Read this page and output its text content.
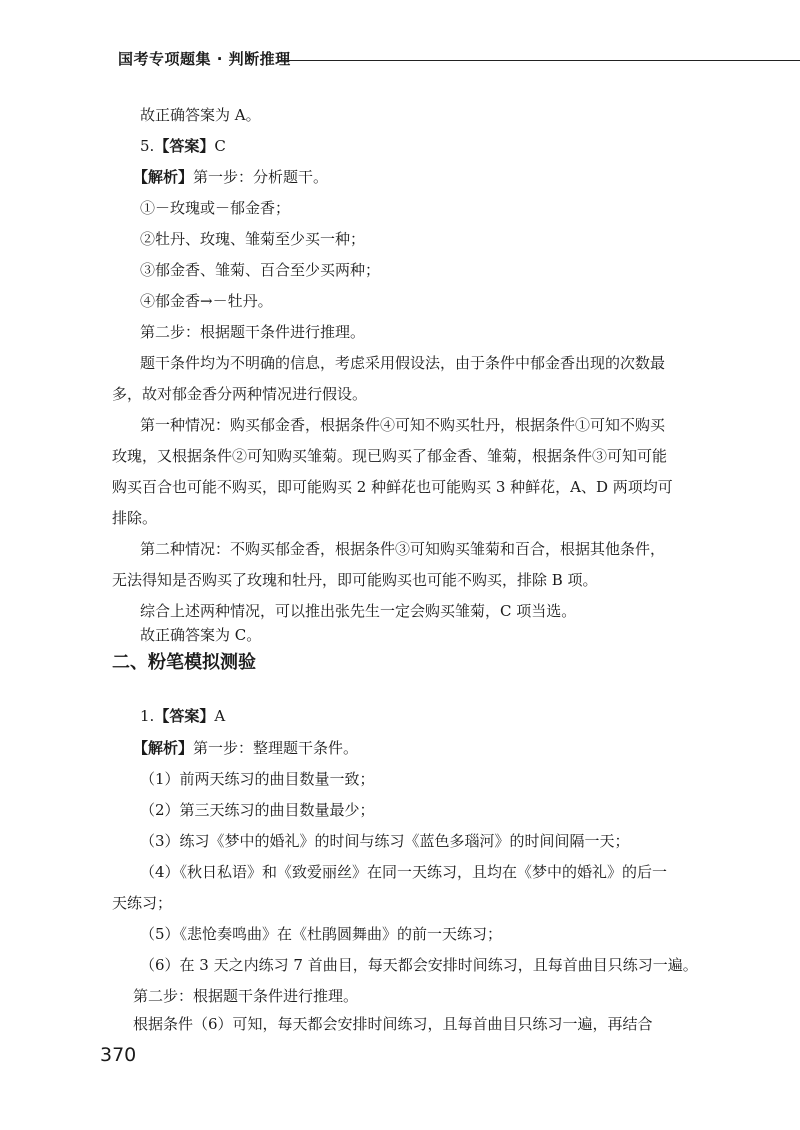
国考专项题集 · 判断推理
故正确答案为 A。
5.【答案】C
【解析】第一步：分析题干。
①－玫瑰或－郁金香；
②牡丹、玫瑰、雏菊至少买一种；
③郁金香、雏菊、百合至少买两种；
④郁金香→－牡丹。
第二步：根据题干条件进行推理。
题干条件均为不明确的信息，考虑采用假设法，由于条件中郁金香出现的次数最
多，故对郁金香分两种情况进行假设。
第一种情况：购买郁金香，根据条件④可知不购买牡丹，根据条件①可知不购买
玫瑰，又根据条件②可知购买雏菊。现已购买了郁金香、雏菊，根据条件③可知可能
购买百合也可能不购买，即可能购买 2 种鲜花也可能购买 3 种鲜花，A、D 两项均可
排除。
第二种情况：不购买郁金香，根据条件③可知购买雏菊和百合，根据其他条件，
无法得知是否购买了玫瑰和牡丹，即可能购买也可能不购买，排除 B 项。
综合上述两种情况，可以推出张先生一定会购买雏菊，C 项当选。
故正确答案为 C。
二、粉笔模拟测验
1.【答案】A
【解析】第一步：整理题干条件。
（1）前两天练习的曲目数量一致；
（2）第三天练习的曲目数量最少；
（3）练习《梦中的婚礼》的时间与练习《蓝色多瑙河》的时间间隔一天；
（4）《秋日私语》和《致爱丽丝》在同一天练习，且均在《梦中的婚礼》的后一
天练习；
（5）《悲怆奏鸣曲》在《杜鹃圆舞曲》的前一天练习；
（6）在 3 天之内练习 7 首曲目，每天都会安排时间练习，且每首曲目只练习一遍。
第二步：根据题干条件进行推理。
根据条件（6）可知，每天都会安排时间练习，且每首曲目只练习一遍，再结合
370
